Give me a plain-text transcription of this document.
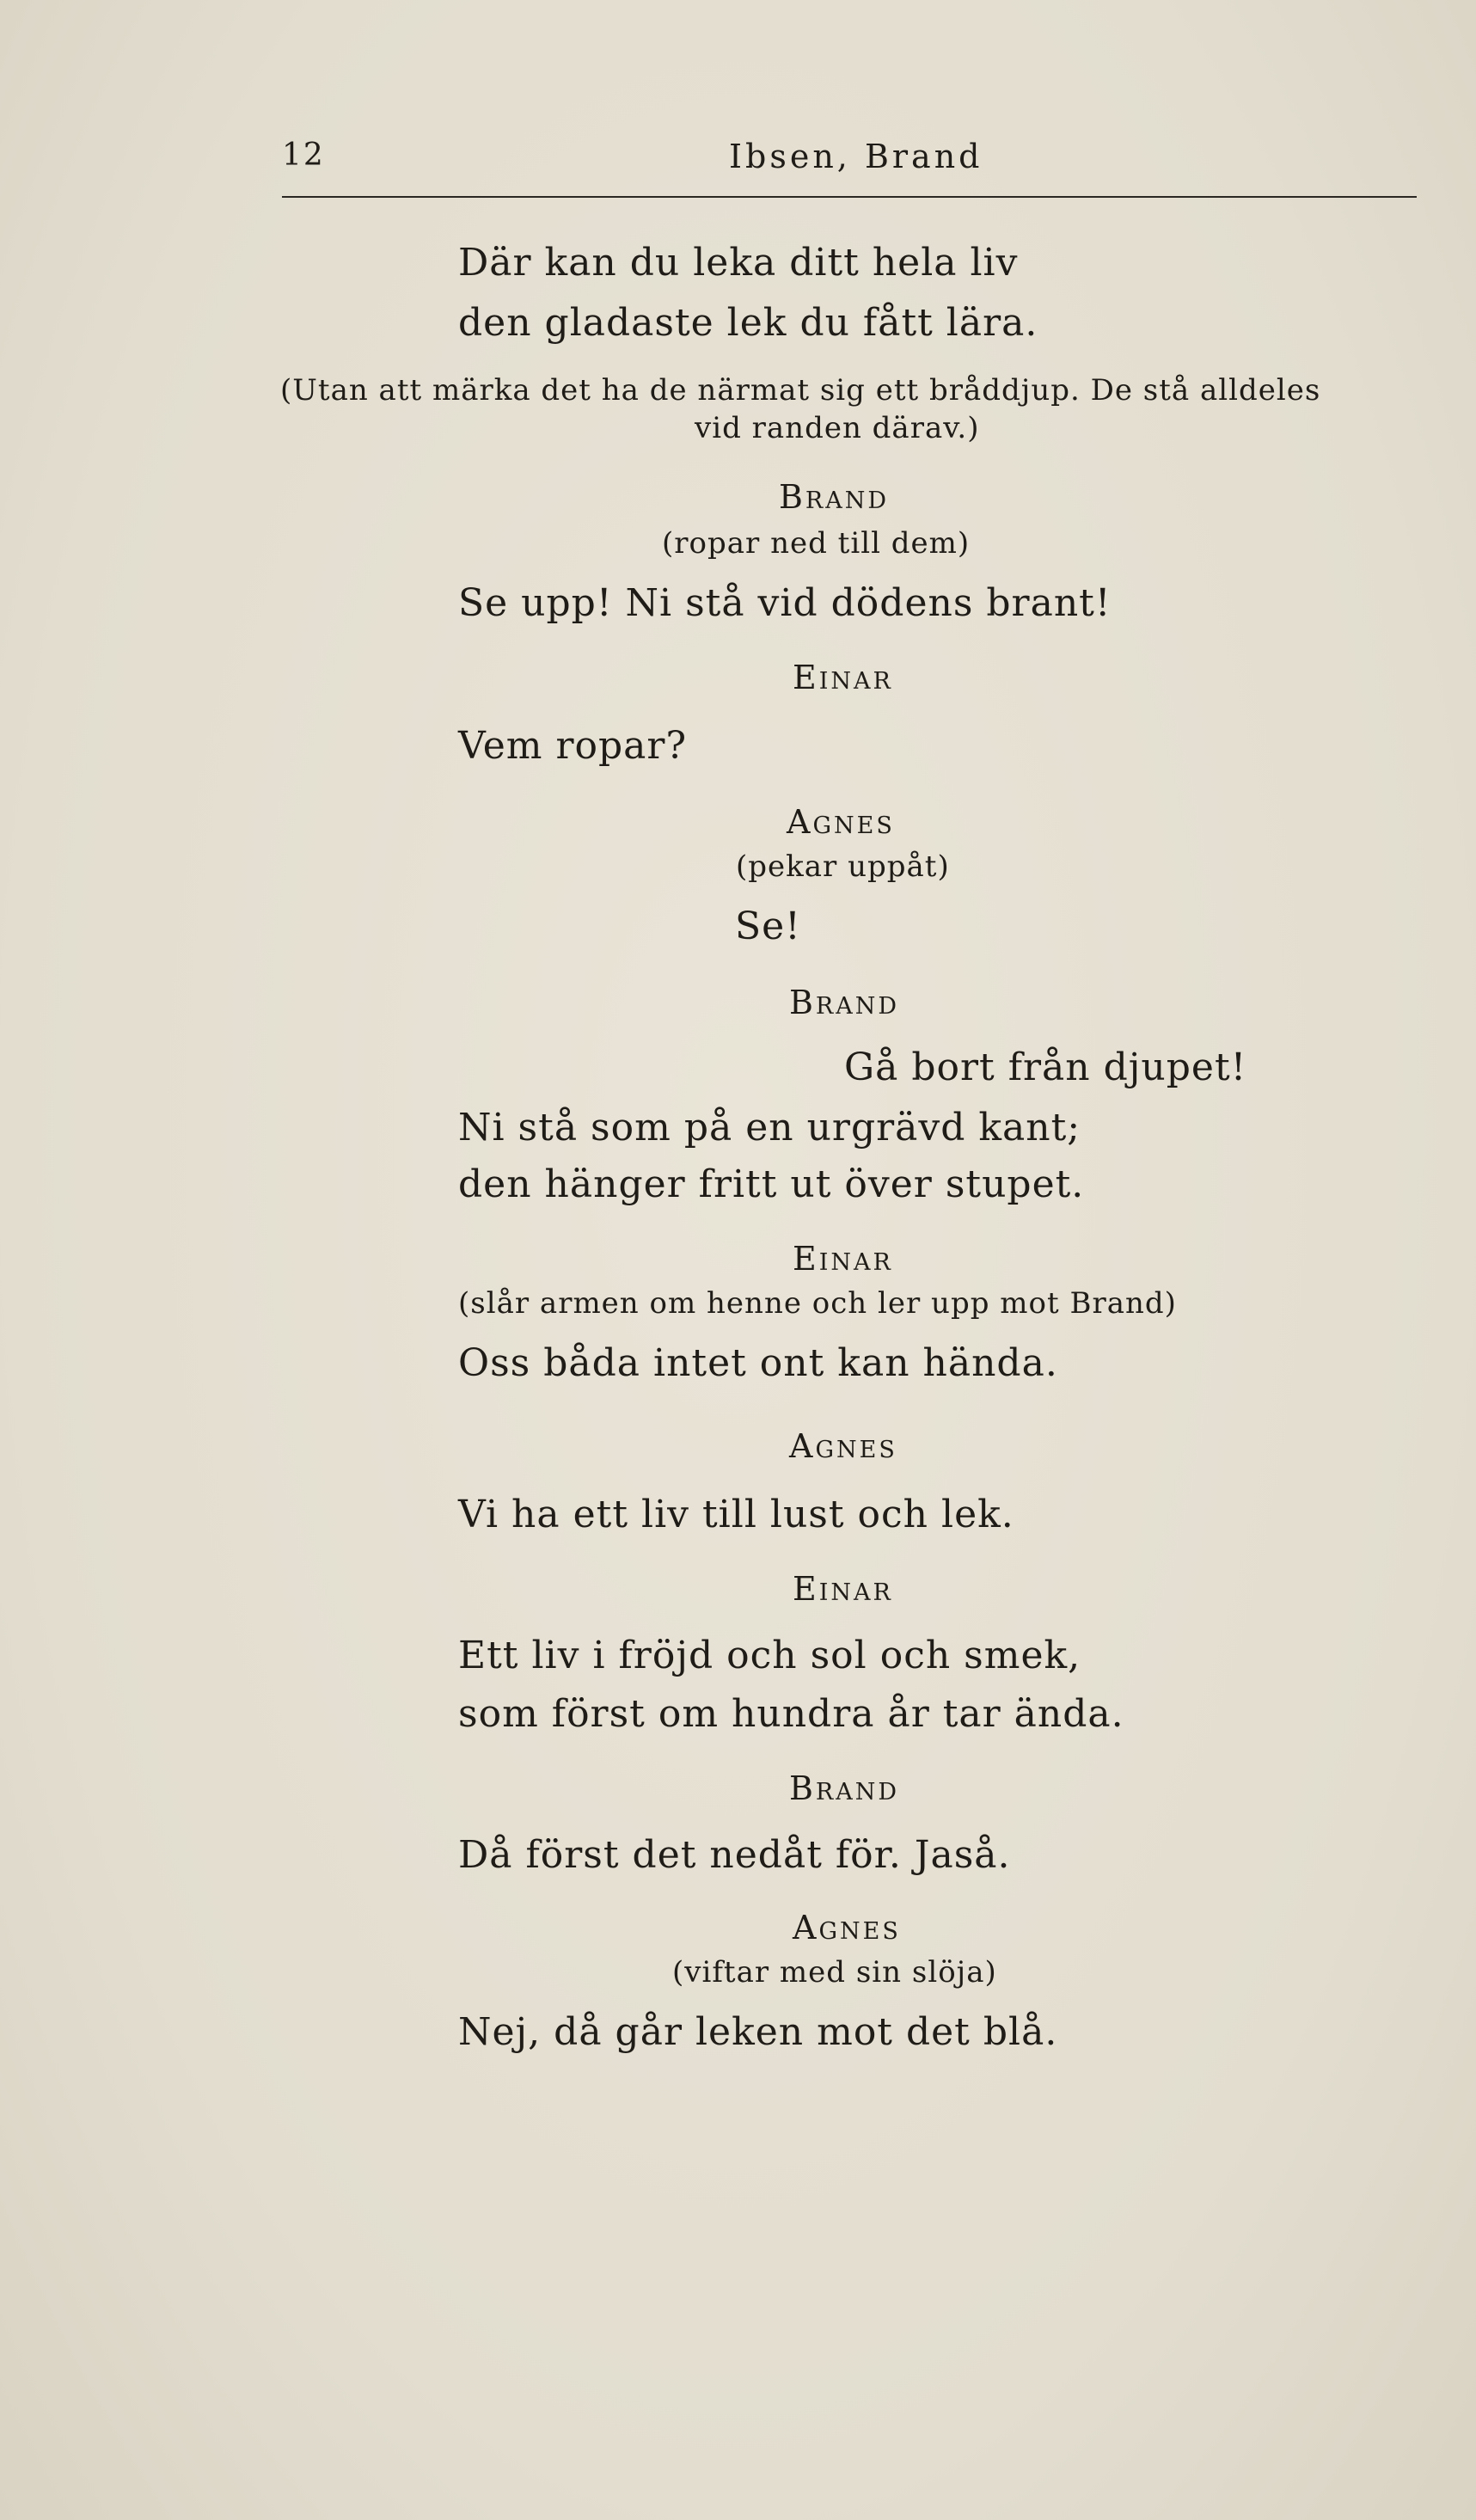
12	Ibsen, Brand
Där kan du leka ditt hela liv
den gladaste lek du fått lära.
(Utan att märka det ha de närmat sig ett bråddjup. De stå alldeles
vid randen därav.)
Brand
(ropar ned till dem)
Se upp! Ni stå vid dödens brant!
Einar
Vem ropar?
Agnes
(pekar uppåt)
Se!
Brand
Gå bort från djupet!
Ni stå som på en urgrävd kant;
den hänger fritt ut över stupet.
Einar
(slår armen om henne och ler upp mot Brand)
Oss båda intet ont kan hända.
Agnes
Vi ha ett liv till lust och lek.
Einar
Ett liv i fröjd och sol och smek,
som först om hundra år tar ända.
Brand
Då först det nedåt för. Jaså.
Agnes
(viftar med sin slöja)
Nej, då går leken mot det blå.
